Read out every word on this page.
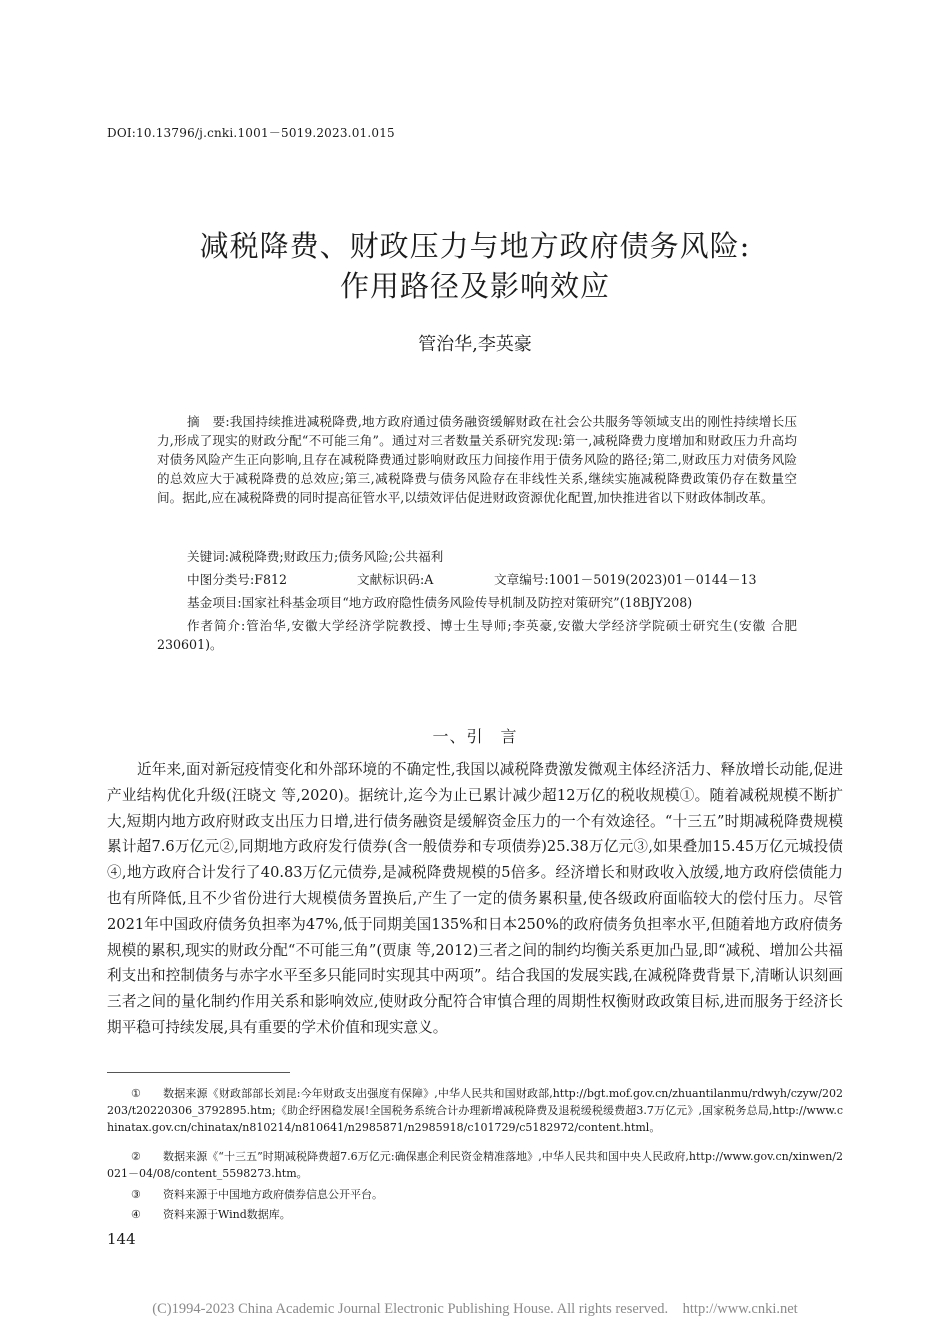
DOI:10.13796/j.cnki.1001－5019.2023.01.015
减税降费、财政压力与地方政府债务风险:
作用路径及影响效应
管治华,李英豪

摘　要:我国持续推进减税降费,地方政府通过债务融资缓解财政在社会公共服务等领域支出的刚性持续增长压力,形成了现实的财政分配“不可能三角”。通过对三者数量关系研究发现:第一,减税降费力度增加和财政压力升高均对债务风险产生正向影响,且存在减税降费通过影响财政压力间接作用于债务风险的路径;第二,财政压力对债务风险的总效应大于减税降费的总效应;第三,减税降费与债务风险存在非线性关系,继续实施减税降费政策仍存在数量空间。据此,应在减税降费的同时提高征管水平,以绩效评估促进财政资源优化配置,加快推进省以下财政体制改革。

关键词:减税降费;财政压力;债务风险;公共福利
中图分类号:F812	文献标识码:A	文章编号:1001－5019(2023)01－0144－13
基金项目:国家社科基金项目“地方政府隐性债务风险传导机制及防控对策研究”(18BJY208)

作者简介:管治华,安徽大学经济学院教授、博士生导师;李英豪,安徽大学经济学院硕士研究生(安徽 合肥　230601)。

一、引　言

近年来,面对新冠疫情变化和外部环境的不确定性,我国以减税降费激发微观主体经济活力、释放增长动能,促进产业结构优化升级(汪晓文 等,2020)。据统计,迄今为止已累计减少超12万亿的税收规模①。随着减税规模不断扩大,短期内地方政府财政支出压力日增,进行债务融资是缓解资金压力的一个有效途径。“十三五”时期减税降费规模累计超7.6万亿元②,同期地方政府发行债券(含一般债券和专项债券)25.38万亿元③,如果叠加15.45万亿元城投债④,地方政府合计发行了40.83万亿元债券,是减税降费规模的5倍多。经济增长和财政收入放缓,地方政府偿债能力也有所降低,且不少省份进行大规模债务置换后,产生了一定的债务累积量,使各级政府面临较大的偿付压力。尽管2021年中国政府债务负担率为47%,低于同期美国135%和日本250%的政府债务负担率水平,但随着地方政府债务规模的累积,现实的财政分配“不可能三角”(贾康 等,2012)三者之间的制约均衡关系更加凸显,即“减税、增加公共福利支出和控制债务与赤字水平至多只能同时实现其中两项”。结合我国的发展实践,在减税降费背景下,清晰认识刻画三者之间的量化制约作用关系和影响效应,使财政分配符合审慎合理的周期性权衡财政政策目标,进而服务于经济长期平稳可持续发展,具有重要的学术价值和现实意义。

① 数据来源《财政部部长刘昆:今年财政支出强度有保障》,中华人民共和国财政部,http://bgt.mof.gov.cn/zhuantilanmu/rdwyh/czyw/202203/t20220306_3792895.htm;《助企纾困稳发展!全国税务系统合计办理新增减税降费及退税缓税缓费超3.7万亿元》,国家税务总局,http://www.chinatax.gov.cn/chinatax/n810214/n810641/n2985871/n2985918/c101729/c5182972/content.html。

② 数据来源《“十三五”时期减税降费超7.6万亿元:确保惠企利民资金精准落地》,中华人民共和国中央人民政府,http://www.gov.cn/xinwen/2021－04/08/content_5598273.htm。

③ 资料来源于中国地方政府债券信息公开平台。

④ 资料来源于Wind数据库。

144
(C)1994-2023 China Academic Journal Electronic Publishing House. All rights reserved.　http://www.cnki.net
